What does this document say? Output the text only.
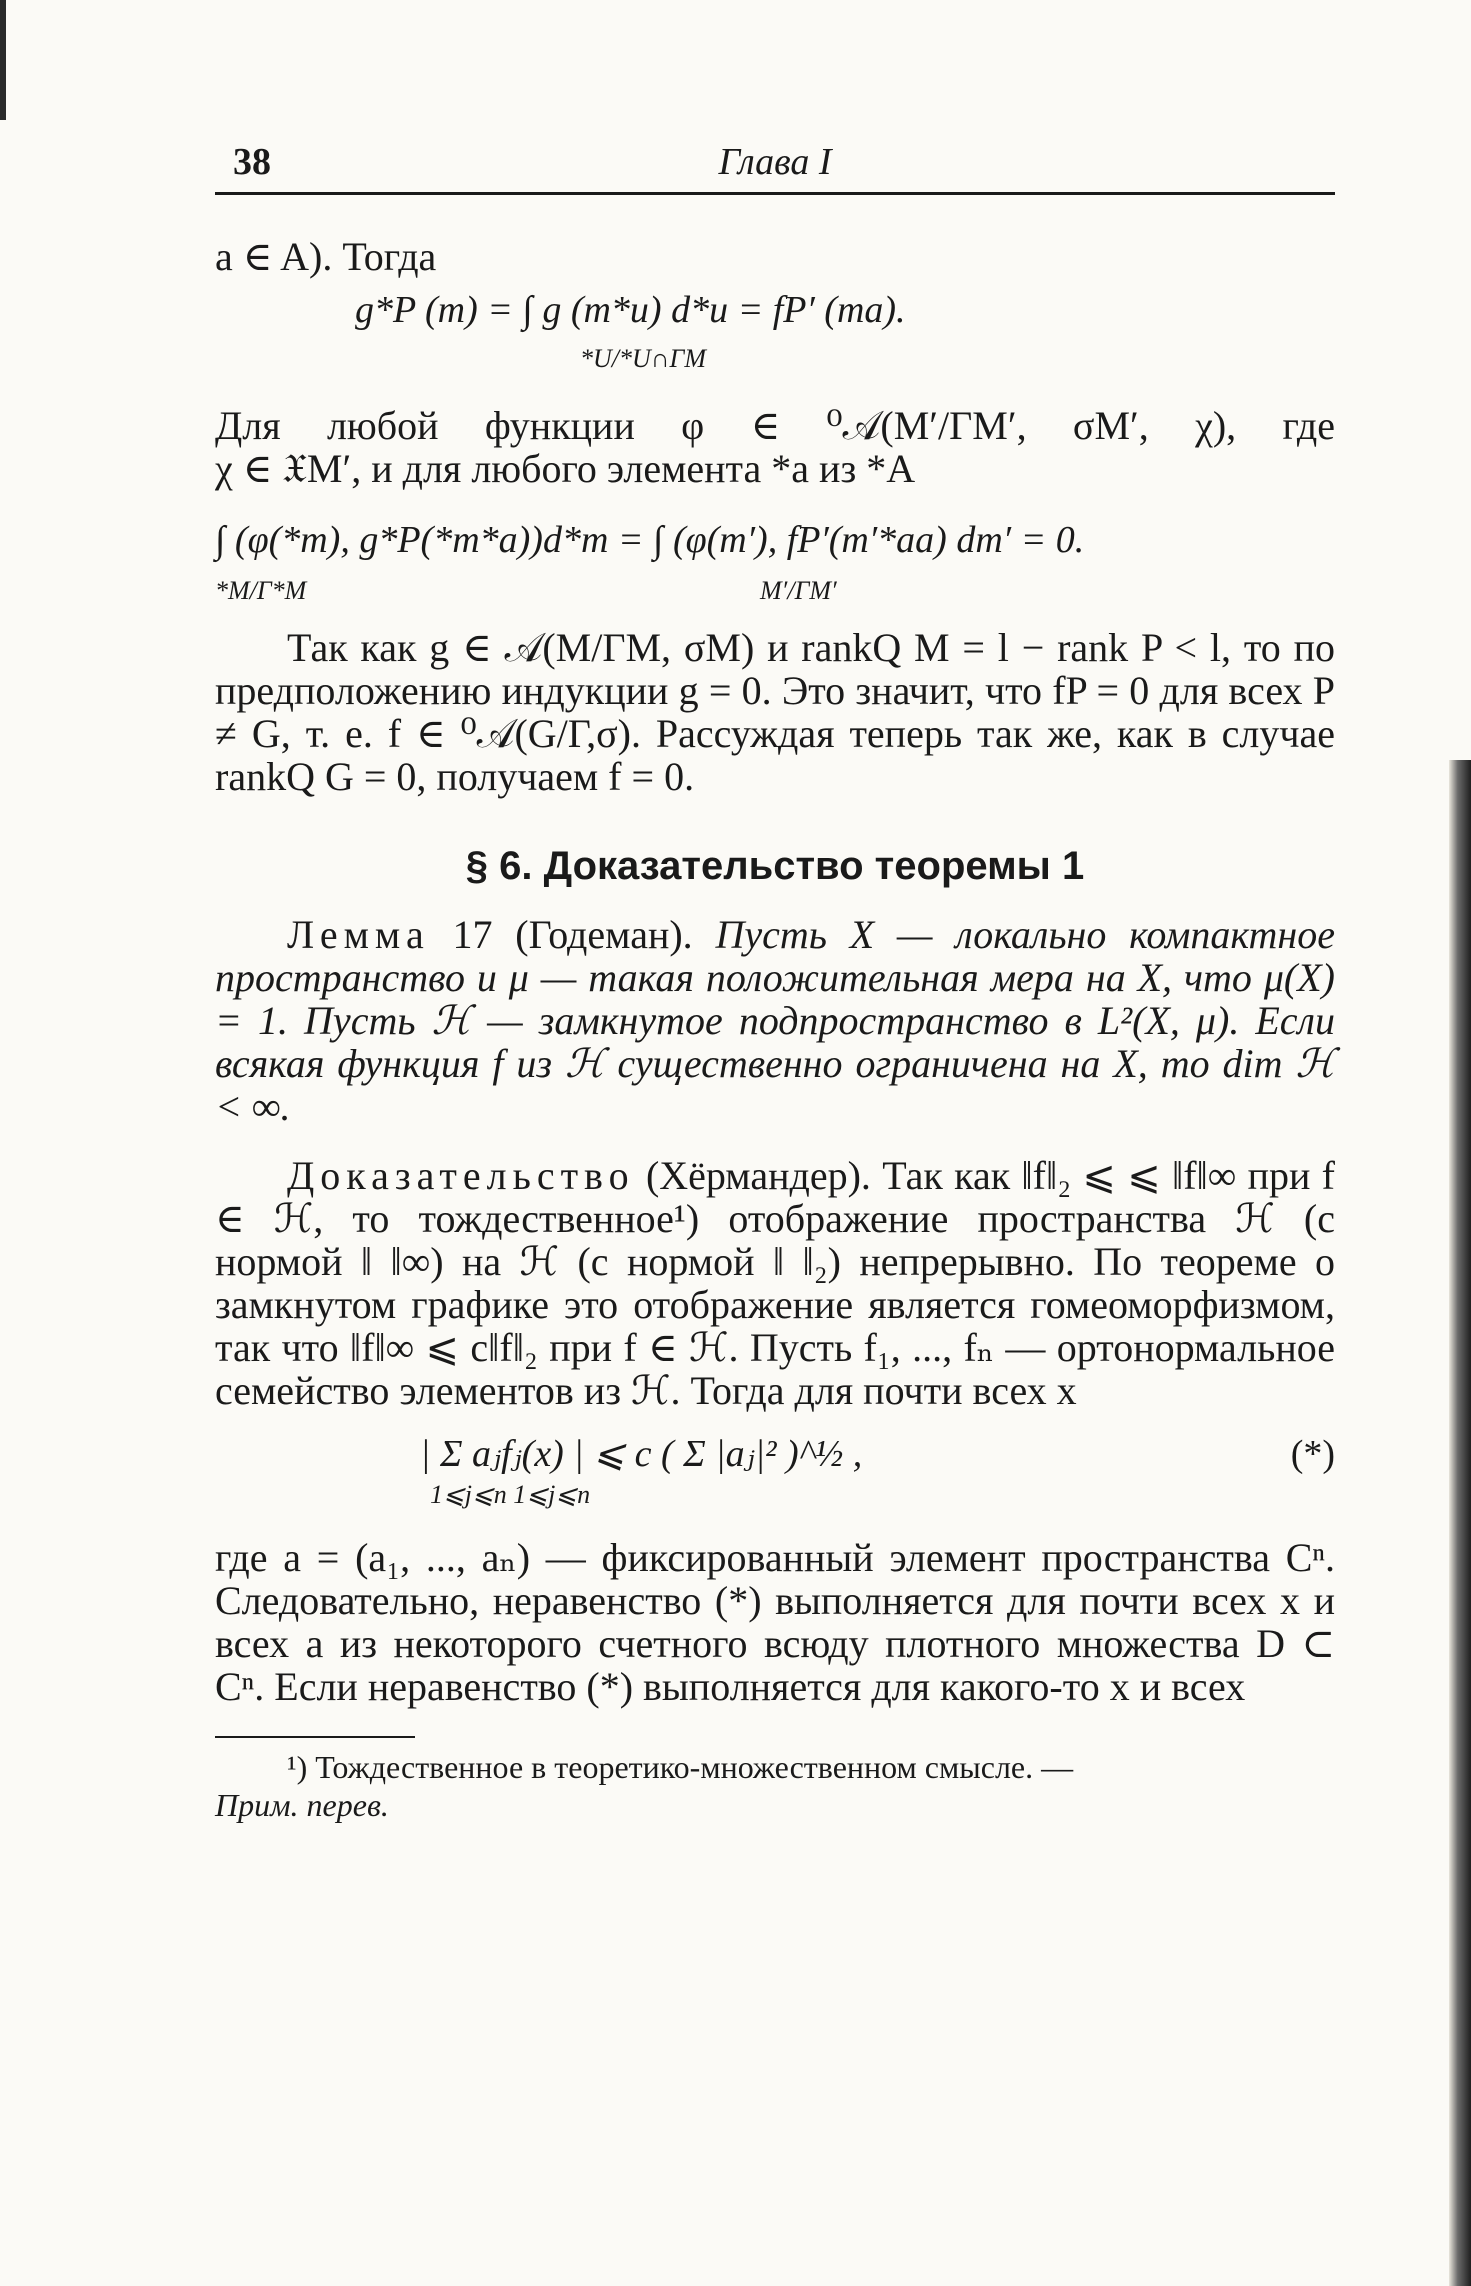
38	Глава I

a ∈ A). Тогда

g*P (m) = ∫ g (m*u) d*u = fP′ (ma).
*U/*U∩ΓM

Для любой функции φ ∈ ⁰𝒜(M′/ΓM′, σM′, χ), где

χ ∈ 𝔛M′, и для любого элемента *a из *A

∫ (φ(*m), g*P(*m*a))d*m = ∫ (φ(m′), fP′(m′*aa) dm′ = 0.
*M/Γ*M	M′/ΓM′

Так как g ∈ 𝒜(M/ΓM, σM) и rankQ M = l − rank P < l, то по предположению индукции g = 0. Это значит, что fP = 0 для всех P ≠ G, т. е. f ∈ ⁰𝒜(G/Γ,σ). Рассуждая теперь так же, как в случае rankQ G = 0, получаем f = 0.

§ 6. Доказательство теоремы 1

Лемма 17 (Годеман). Пусть X — локально компактное пространство и μ — такая положительная мера на X, что μ(X) = 1. Пусть ℋ — замкнутое подпространство в L²(X, μ). Если всякая функция f из ℋ существенно ограничена на X, то dim ℋ < ∞.

Доказательство (Хёрмандер). Так как ‖f‖₂ ⩽ ⩽ ‖f‖∞ при f ∈ ℋ, то тождественное¹) отображение пространства ℋ (с нормой ‖ ‖∞) на ℋ (с нормой ‖ ‖₂) непрерывно. По теореме о замкнутом графике это отображение является гомеоморфизмом, так что ‖f‖∞ ⩽ c‖f‖₂ при f ∈ ℋ. Пусть f₁, ..., fₙ — ортонормальное семейство элементов из ℋ. Тогда для почти всех x

| Σ aⱼfⱼ(x) | ⩽ c ( Σ |aⱼ|² )^½ ,
1⩽j⩽n 1⩽j⩽n
(*)

где a = (a₁, ..., aₙ) — фиксированный элемент пространства Cⁿ. Следовательно, неравенство (*) выполняется для почти всех x и всех a из некоторого счетного всюду плотного множества D ⊂ Cⁿ. Если неравенство (*) выполняется для какого-то x и всех

¹) Тождественное в теоретико-множественном смысле. —

Прим. перев.
